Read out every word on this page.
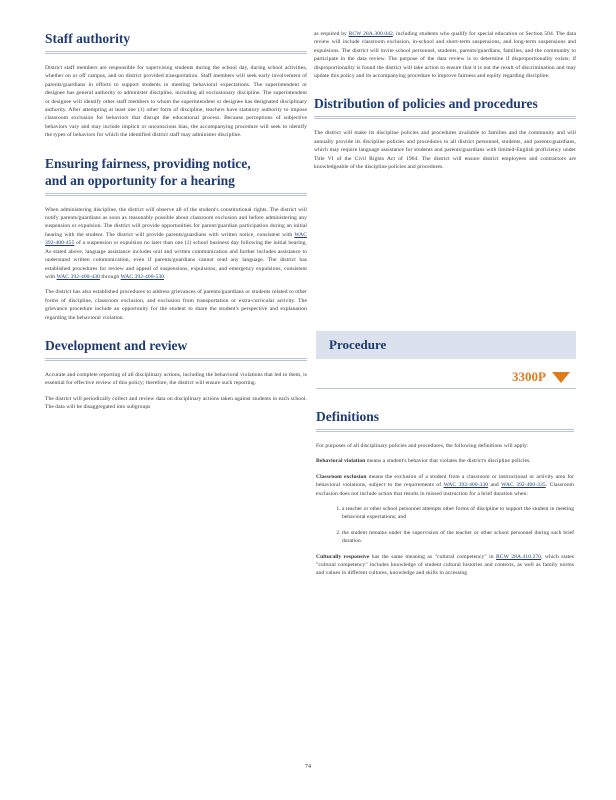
Staff authority

District staff members are responsible for supervising students during the school day, during school activities, whether on or off campus, and on district provided transportation. Staff members will seek early involvement of parents/guardians in efforts to support students in meeting behavioral expectations. The superintendent or designee has general authority to administer discipline, including all exclusionary discipline. The superintendent or designee will identify other staff members to whom the superintendent or designee has designated disciplinary authority. After attempting at least one (1) other form of discipline, teachers have statutory authority to impose classroom exclusion for behaviors that disrupt the educational process. Because perceptions of subjective behaviors vary and may include implicit or unconscious bias, the accompanying procedure will seek to identify the types of behaviors for which the identified district staff may administer discipline.

Ensuring fairness, providing notice,
and an opportunity for a hearing

When administering discipline, the district will observe all of the student's constitutional rights. The district will notify parents/guardians as soon as reasonably possible about classroom exclusion and before administering any suspension or expulsion. The district will provide opportunities for parent/guardian participation during an initial hearing with the student. The district will provide parents/guardians with written notice, consistent with WAC 392-400-455 of a suspension or expulsion no later than one (1) school business day following the initial hearing. As stated above, language assistance includes oral and written communication and further includes assistance to understand written communication, even if parents/guardians cannot read any language. The district has established procedures for review and appeal of suspensions, expulsions, and emergency expulsions, consistent with WAC 392-400-430 through WAC 392-400-530.

The district has also established procedures to address grievances of parents/guardians or students related to other forms of discipline, classroom exclusion, and exclusion from transportation or extra-curricular activity. The grievance procedure include an opportunity for the student to share the student's perspective and explanation regarding the behavioral violation.

Development and review

Accurate and complete reporting of all disciplinary actions, including the behavioral violations that led to them, is essential for effective review of this policy; therefore, the district will ensure such reporting.

The district will periodically collect and review data on disciplinary actions taken against students in each school. The data will be disaggregated into subgroups

as required by RCW 28A.300.042, including students who qualify for special education or Section 504. The data review will include classroom exclusion, in-school and short-term suspensions, and long-term suspensions and expulsions. The district will invite school personnel, students, parents/guardians, families, and the community to participate in the data review. The purpose of the data review is to determine if disproportionality exists; if disproportionality is found the district will take action to ensure that it is not the result of discrimination and may update this policy and its accompanying procedure to improve fairness and equity regarding discipline.

Distribution of policies and procedures

The district will make its discipline policies and procedures available to families and the community and will annually provide its discipline policies and procedures to all district personnel, students, and parents/guardians, which may require language assistance for students and parents/guardians with limited-English proficiency under Title VI of the Civil Rights Act of 1964. The district will ensure district employees and contractors are knowledgeable of the discipline policies and procedures.

Procedure
3300P
Definitions

For purposes of all disciplinary policies and procedures, the following definitions will apply:

Behavioral violation means a student's behavior that violates the district's discipline policies.

Classroom exclusion means the exclusion of a student from a classroom or instructional or activity area for behavioral violations, subject to the requirements of WAC 392-400-330 and WAC 392-400-335. Classroom exclusion does not include action that results in missed instruction for a brief duration when:

1. a teacher or other school personnel attempts other forms of discipline to support the student in meeting behavioral expectations; and
2. the student remains under the supervision of the teacher or other school personnel during such brief duration.

Culturally responsive has the same meaning as "cultural competency" in RCW 28A.410.270, which states "cultural competency" includes knowledge of student cultural histories and contexts, as well as family norms and values in different cultures, knowledge and skills in accessing

74
